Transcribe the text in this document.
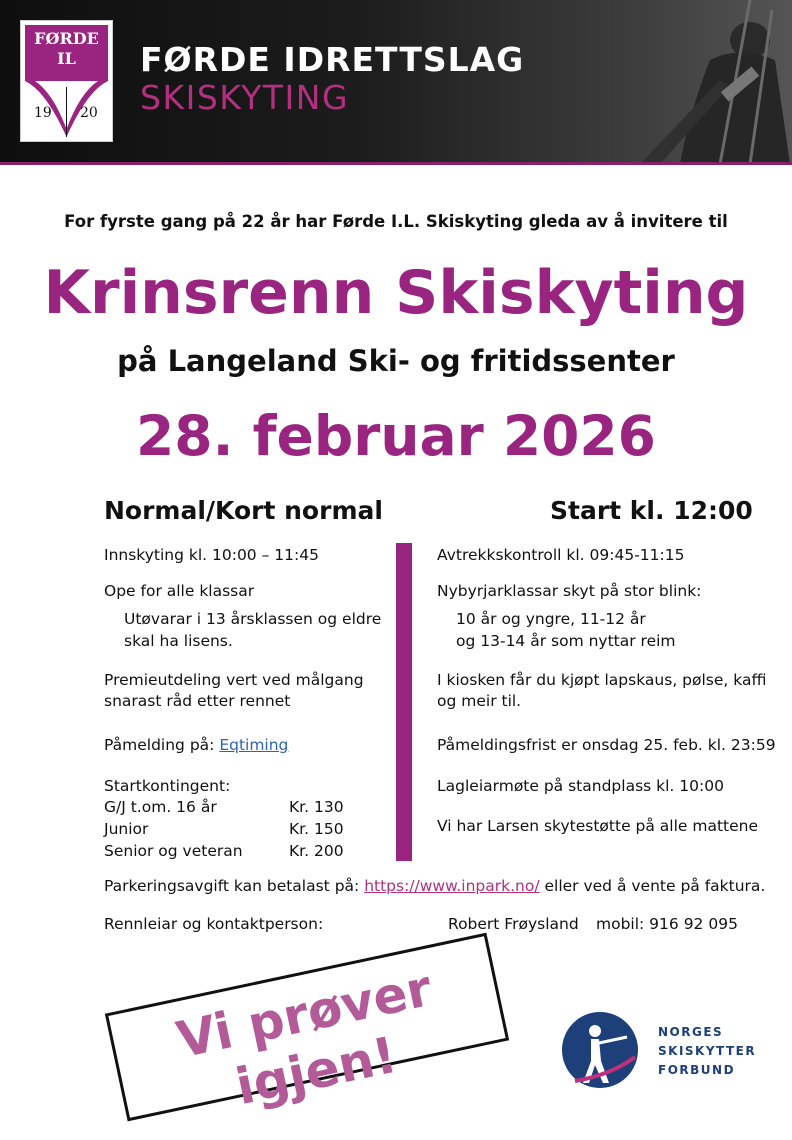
FØRDE
IL
19 20
FØRDE IDRETTSLAG
SKISKYTING
For fyrste gang på 22 år har Førde I.L. Skiskyting gleda av å invitere til
Krinsrenn Skiskyting
på Langeland Ski- og fritidssenter
28. februar 2026
Normal/Kort normal	Start kl. 12:00
Innskyting kl. 10:00 – 11:45
Ope for alle klassar
Utøvarar i 13 årsklassen og eldre
skal ha lisens.
Premieutdeling vert ved målgang
snarast råd etter rennet
Påmelding på: Eqtiming
Startkontingent:
G/J t.om. 16 år	Kr. 130
Junior	Kr. 150
Senior og veteran	Kr. 200
Avtrekkskontroll kl. 09:45-11:15
Nybyrjarklassar skyt på stor blink:
10 år og yngre, 11-12 år
og 13-14 år som nyttar reim
I kiosken får du kjøpt lapskaus, pølse, kaffi
og meir til.
Påmeldingsfrist er onsdag 25. feb. kl. 23:59
Lagleiarmøte på standplass kl. 10:00
Vi har Larsen skytestøtte på alle mattene
Parkeringsavgift kan betalast på: https://www.inpark.no/ eller ved å vente på faktura.
Rennleiar og kontaktperson:	Robert Frøysland mobil: 916 92 095
Vi prøver igjen!	NORGES
SKISKYTTER
FORBUND
